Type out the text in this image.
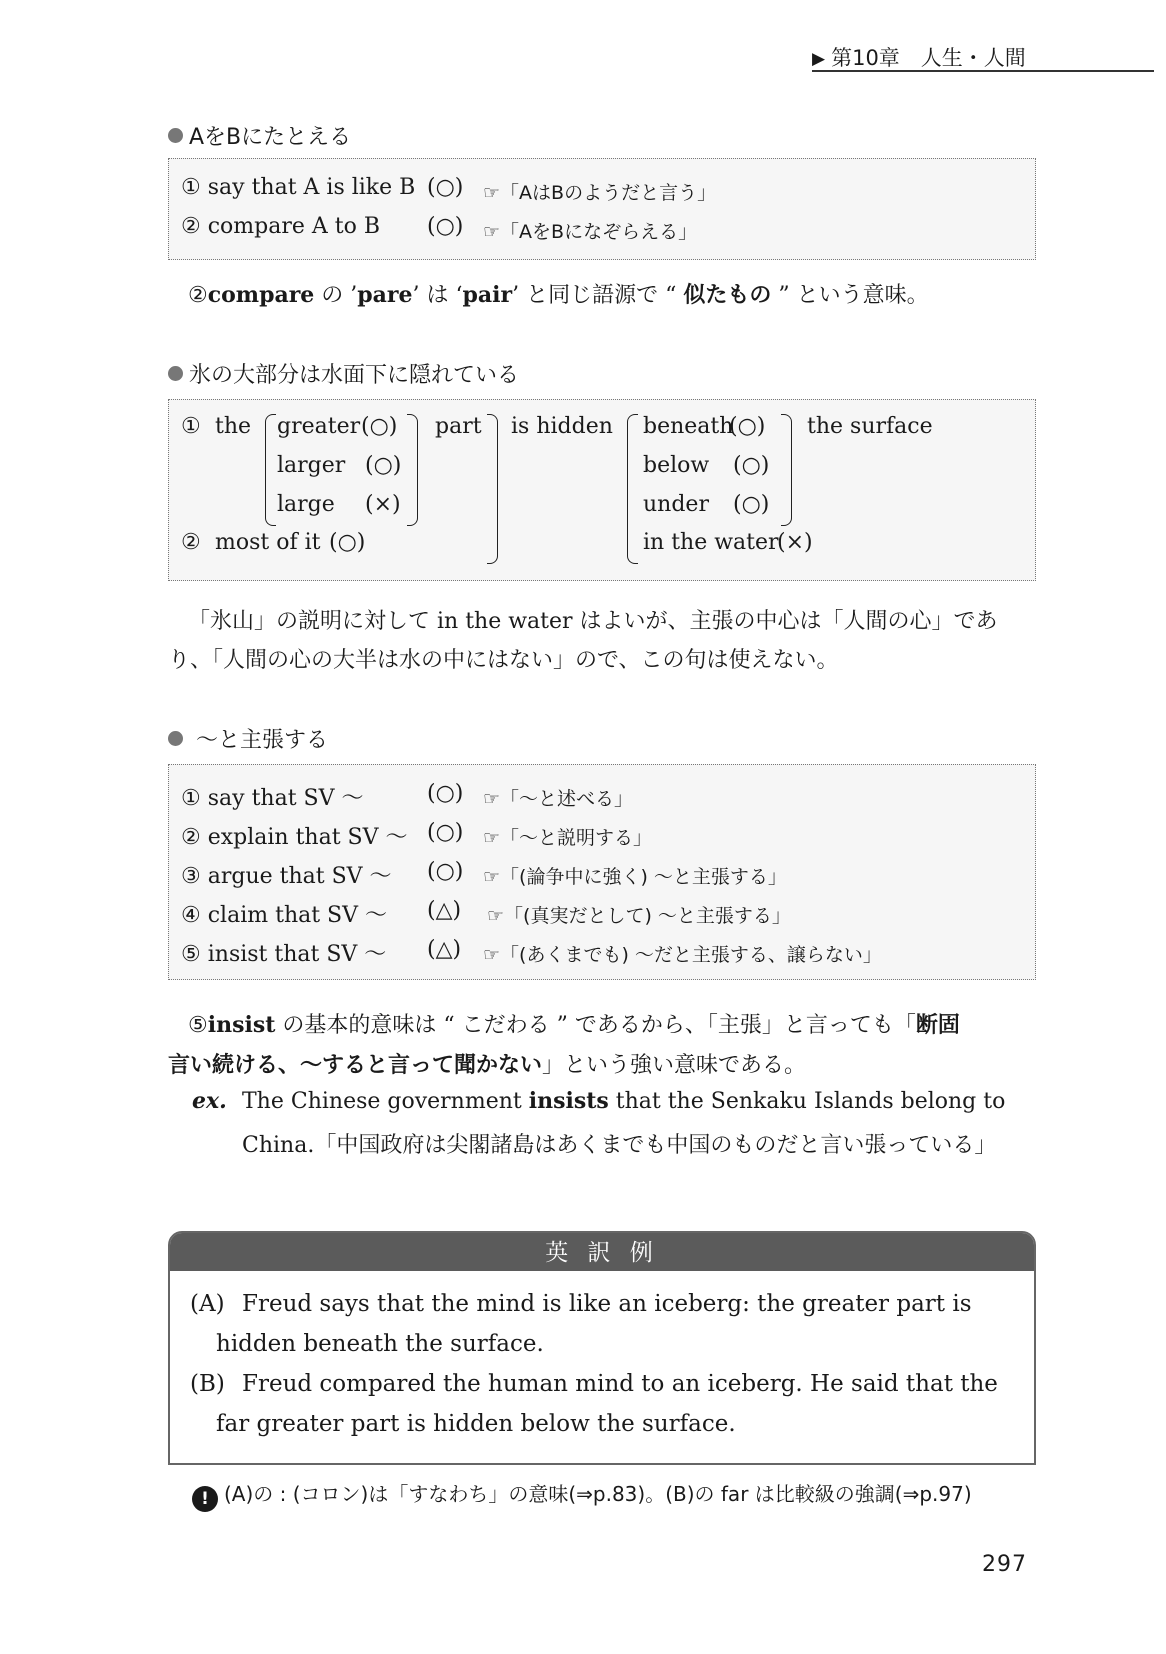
▶ 第10章　人生・人間
AをBにたとえる
① say that A is like B (○) ☞「AはBのようだと言う」
② compare A to B (○) ☞「AをBになぞらえる」
②compare の ’pare’ は ‘pair’ と同じ語源で “ 似たもの ” という意味。
氷の大部分は水面下に隠れている
① the greater (○)
larger (○)
large (×)
part is hidden beneath
(○)
below (○)
under (○)
in the water
(×)
the surface
② most of it (○)
「氷山」の説明に対して in the water はよいが、主張の中心は「人間の心」であ
り、「人間の心の大半は水の中にはない」ので、この句は使えない。
～と主張する
① say that SV ～	(○) ☞「～と述べる」
② explain that SV ～ (○) ☞「～と説明する」
③ argue that SV ～ (○) ☞「(論争中に強く) ～と主張する」
④ claim that SV ～ (△) ☞「(真実だとして) ～と主張する」
⑤ insist that SV ～ (△) ☞「(あくまでも) ～だと主張する、譲らない」
⑤insist の基本的意味は “ こだわる ” であるから、「主張」と言っても「断固
言い続ける、～すると言って聞かない」という強い意味である。
ex. The Chinese government insists that the Senkaku Islands belong to
China.「中国政府は尖閣諸島はあくまでも中国のものだと言い張っている」
英 訳 例
(A) Freud says that the mind is like an iceberg: the greater part is
hidden beneath the surface.
(B) Freud compared the human mind to an iceberg. He said that the
far greater part is hidden below the surface.
! (A)の : (コロン)は「すなわち」の意味(⇒p.83)。(B)の far は比較級の強調(⇒p.97)
297
